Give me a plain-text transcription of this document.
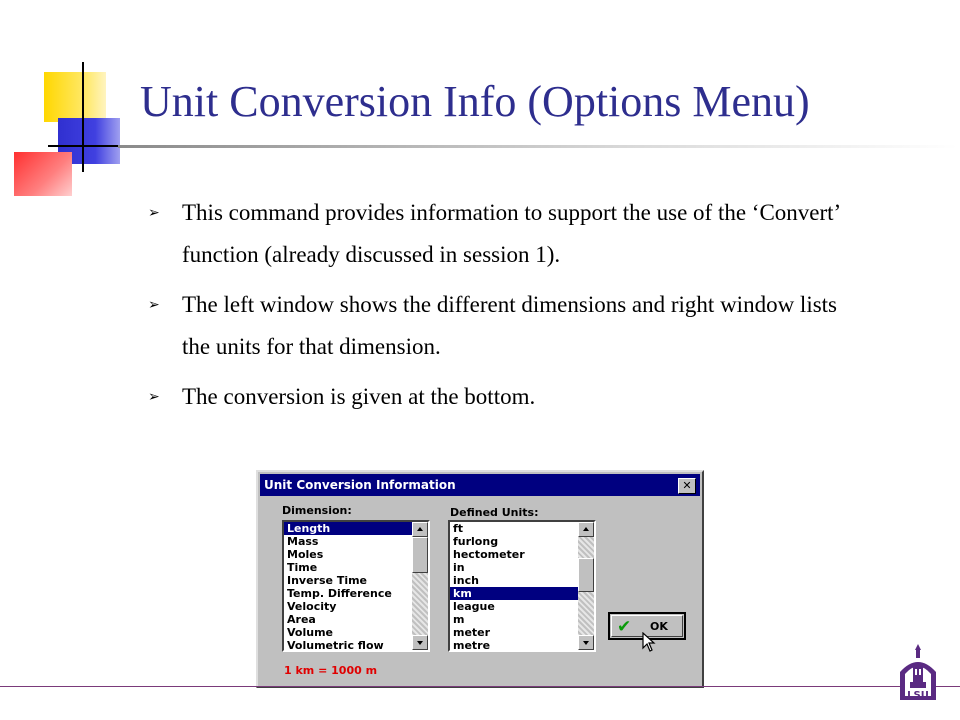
Unit Conversion Info (Options Menu)
➢ This command provides information to support the use of the ‘Convert’ function (already discussed in session 1).
➢ The left window shows the different dimensions and right window lists the units for that dimension.
➢ The conversion is given at the bottom.
Unit Conversion Information	✕
Dimension:	Defined Units:
Length
Mass
Moles
Time
Inverse Time
Temp. Difference
Velocity
Area
Volume
Volumetric flow
ft
furlong
hectometer
in
inch
km
league
m
meter
metre
✔ OK
1 km = 1000 m
LSU
